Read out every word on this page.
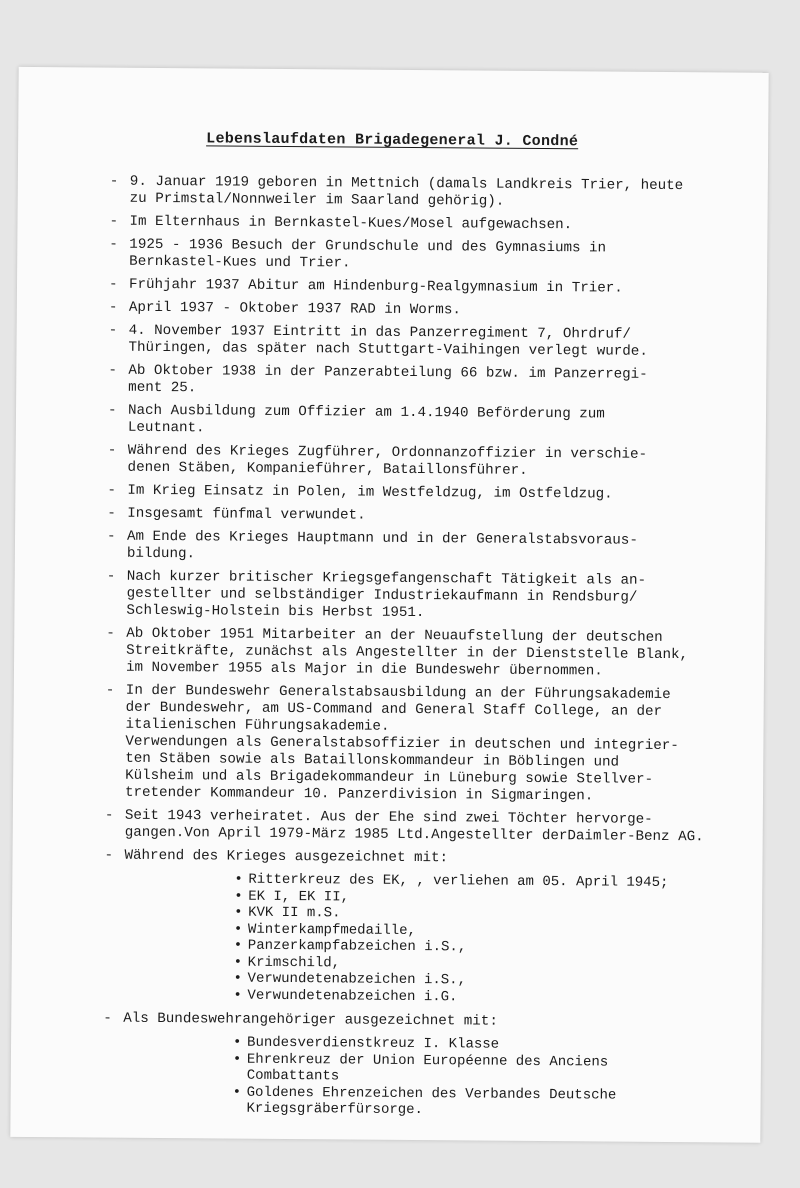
Lebenslaufdaten Brigadegeneral J. Condné
- 9. Januar 1919 geboren in Mettnich (damals Landkreis Trier, heute
zu Primstal/Nonnweiler im Saarland gehörig).
- Im Elternhaus in Bernkastel-Kues/Mosel aufgewachsen.
- 1925 - 1936 Besuch der Grundschule und des Gymnasiums in
Bernkastel-Kues und Trier.
- Frühjahr 1937 Abitur am Hindenburg-Realgymnasium in Trier.
- April 1937 - Oktober 1937 RAD in Worms.
- 4. November 1937 Eintritt in das Panzerregiment 7, Ohrdruf/
Thüringen, das später nach Stuttgart-Vaihingen verlegt wurde.
- Ab Oktober 1938 in der Panzerabteilung 66 bzw. im Panzerregi-
ment 25.
- Nach Ausbildung zum Offizier am 1.4.1940 Beförderung zum
Leutnant.
- Während des Krieges Zugführer, Ordonnanzoffizier in verschie-
denen Stäben, Kompanieführer, Bataillonsführer.
- Im Krieg Einsatz in Polen, im Westfeldzug, im Ostfeldzug.
- Insgesamt fünfmal verwundet.
- Am Ende des Krieges Hauptmann und in der Generalstabsvoraus-
bildung.
- Nach kurzer britischer Kriegsgefangenschaft Tätigkeit als an-
gestellter und selbständiger Industriekaufmann in Rendsburg/
Schleswig-Holstein bis Herbst 1951.
- Ab Oktober 1951 Mitarbeiter an der Neuaufstellung der deutschen
Streitkräfte, zunächst als Angestellter in der Dienststelle Blank,
im November 1955 als Major in die Bundeswehr übernommen.
- In der Bundeswehr Generalstabsausbildung an der Führungsakademie
der Bundeswehr, am US-Command and General Staff College, an der
italienischen Führungsakademie.
Verwendungen als Generalstabsoffizier in deutschen und integrier-
ten Stäben sowie als Bataillonskommandeur in Böblingen und
Külsheim und als Brigadekommandeur in Lüneburg sowie Stellver-
tretender Kommandeur 10. Panzerdivision in Sigmaringen.
- Seit 1943 verheiratet. Aus der Ehe sind zwei Töchter hervorge-
gangen.Von April 1979-März 1985 Ltd.Angestellter derDaimler-Benz AG.
- Während des Krieges ausgezeichnet mit:
• Ritterkreuz des EK, , verliehen am 05. April 1945;
• EK I, EK II,
• KVK II m.S.
• Winterkampfmedaille,
• Panzerkampfabzeichen i.S.,
• Krimschild,
• Verwundetenabzeichen i.S.,
• Verwundetenabzeichen i.G.
- Als Bundeswehrangehöriger ausgezeichnet mit:
• Bundesverdienstkreuz I. Klasse
• Ehrenkreuz der Union Européenne des Anciens
Combattants
• Goldenes Ehrenzeichen des Verbandes Deutsche
Kriegsgräberfürsorge.
